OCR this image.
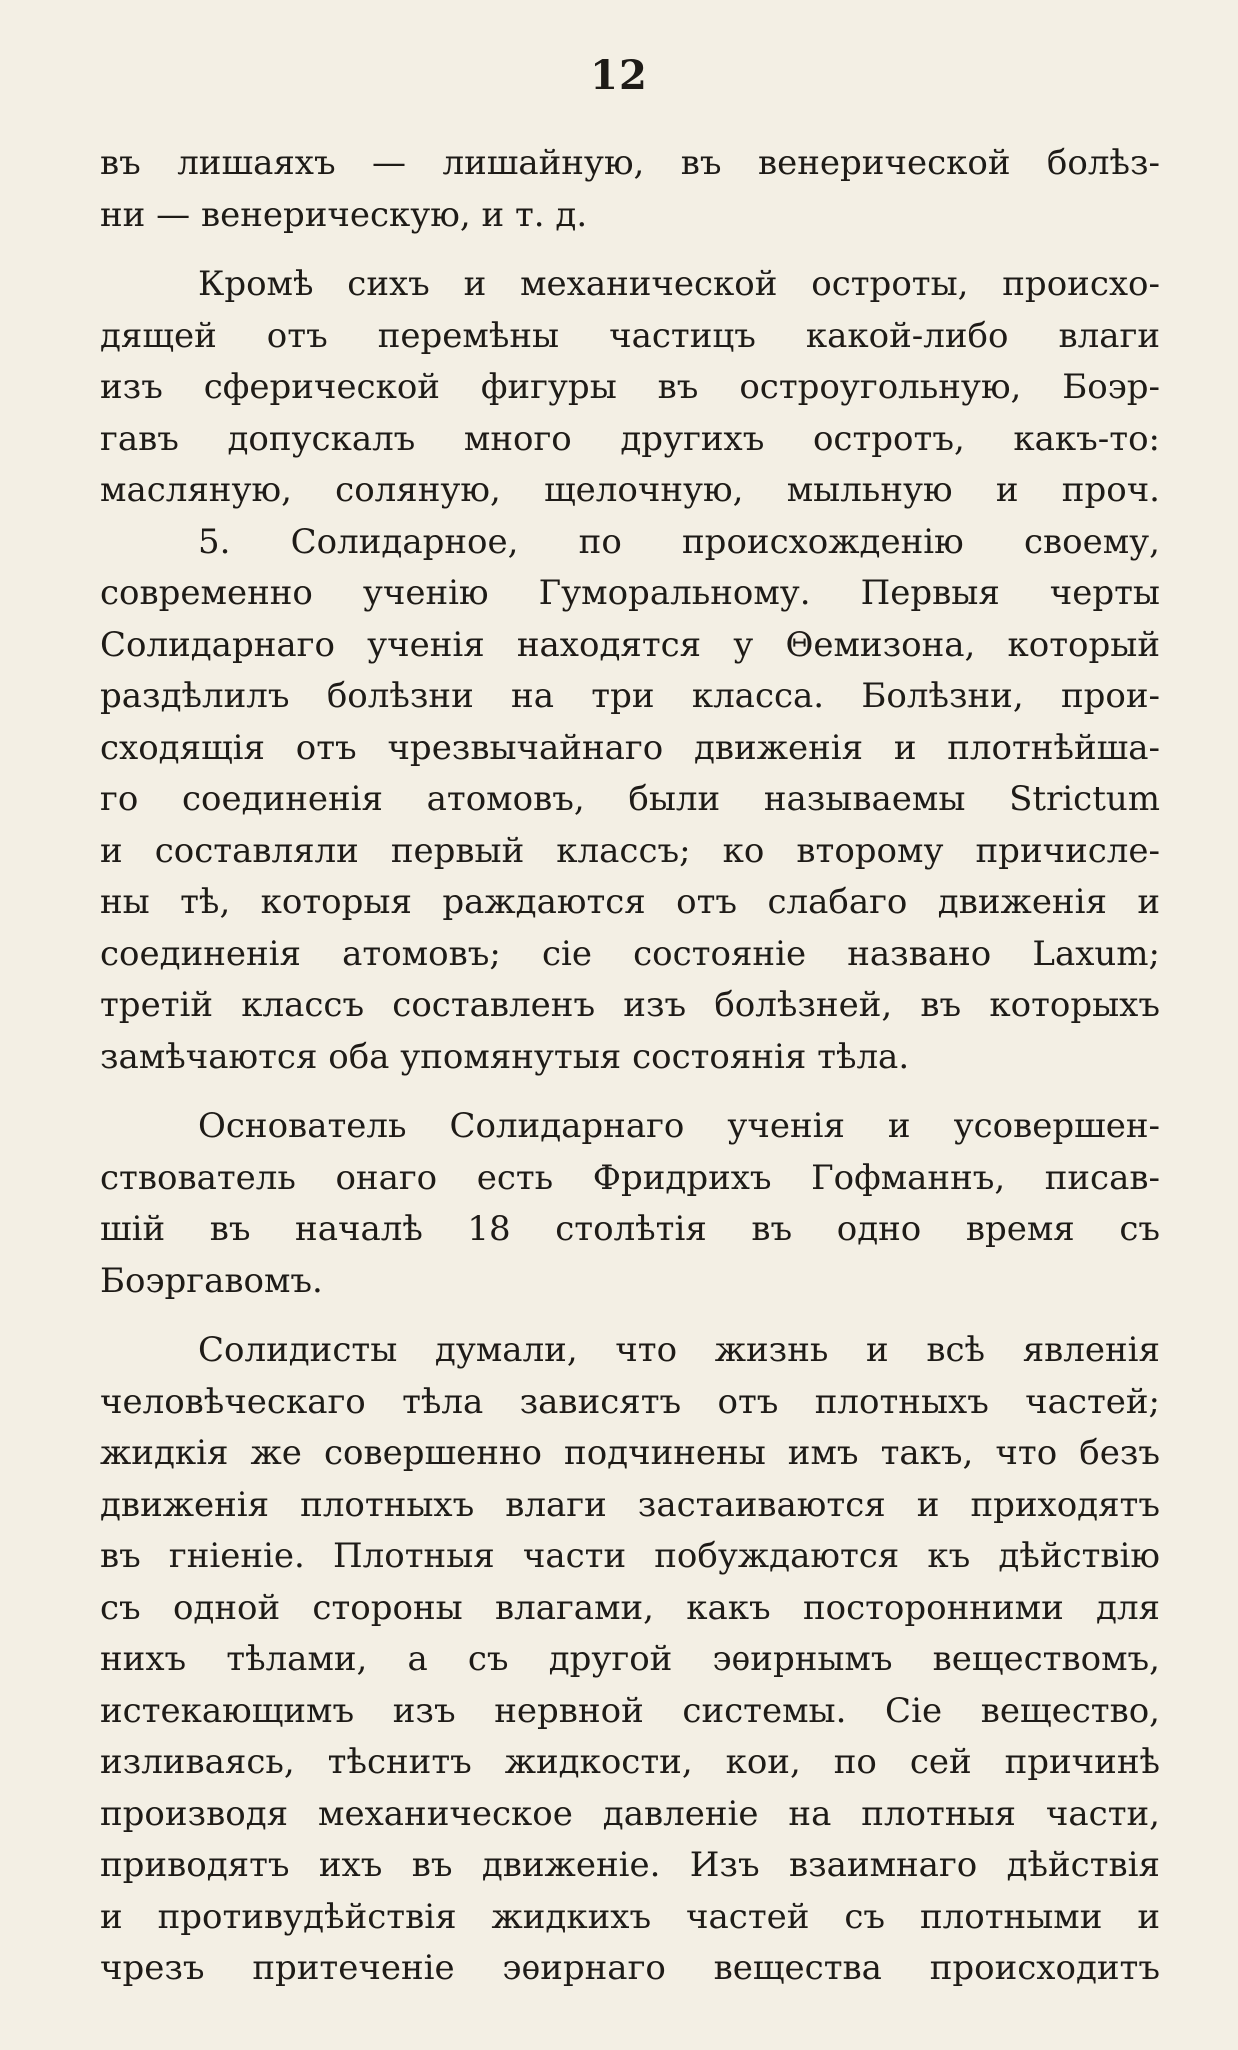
12
въ лишаяхъ — лишайную, въ венерической болѣз-
ни — венерическую, и т. д.
Кромѣ сихъ и механической остроты, происхо-
дящей отъ перемѣны частицъ какой-либо влаги
изъ сферической фигуры въ остроугольную, Боэр-
гавъ допускалъ много другихъ остротъ, какъ-то:
масляную, соляную, щелочную, мыльную и проч.
5. Солидарное, по происхожденію своему,
современно ученію Гуморальному. Первыя черты
Солидарнаго ученія находятся у Θемизона, который
раздѣлилъ болѣзни на три класса. Болѣзни, прои-
сходящія отъ чрезвычайнаго движенія и плотнѣйша-
го соединенія атомовъ, были называемы Strictum
и составляли первый классъ; ко второму причисле-
ны тѣ, которыя раждаются отъ слабаго движенія и
соединенія атомовъ; сіе состояніе названо Laxum;
третій классъ составленъ изъ болѣзней, въ которыхъ
замѣчаются оба упомянутыя состоянія тѣла.
Основатель Солидарнаго ученія и усовершен-
ствователь онаго есть Фридрихъ Гофманнъ, писав-
шій въ началѣ 18 столѣтія въ одно время съ
Боэргавомъ.
Солидисты думали, что жизнь и всѣ явленія
человѣческаго тѣла зависятъ отъ плотныхъ частей;
жидкія же совершенно подчинены имъ такъ, что безъ
движенія плотныхъ влаги застаиваются и приходятъ
въ гніеніе. Плотныя части побуждаются къ дѣйствію
съ одной стороны влагами, какъ посторонними для
нихъ тѣлами, а съ другой эѳирнымъ веществомъ,
истекающимъ изъ нервной системы. Сіе вещество,
изливаясь, тѣснитъ жидкости, кои, по сей причинѣ
производя механическое давленіе на плотныя части,
приводятъ ихъ въ движеніе. Изъ взаимнаго дѣйствія
и противудѣйствія жидкихъ частей съ плотными и
чрезъ притеченіе эѳирнаго вещества происходитъ
